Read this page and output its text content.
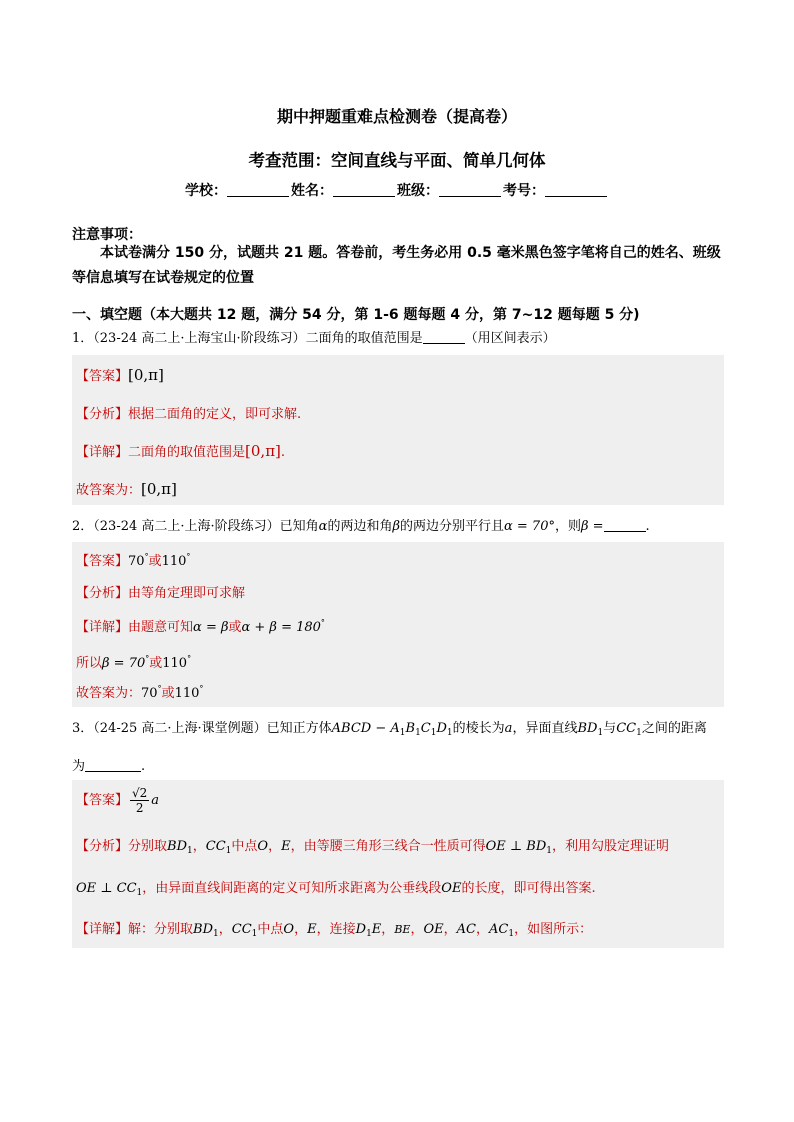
期中押题重难点检测卷（提高卷）
考查范围：空间直线与平面、简单几何体
学校：	姓名：	班级：	考号：
注意事项：
本试卷满分 150 分，试题共 21 题。答卷前，考生务必用 0.5 毫米黑色签字笔将自己的姓名、班级等信息填写在试卷规定的位置
一、填空题（本大题共 12 题，满分 54 分，第 1-6 题每题 4 分，第 7~12 题每题 5 分)
1．（23-24 高二上·上海宝山·阶段练习）二面角的取值范围是	（用区间表示）
【答案】[0,π]
【分析】根据二面角的定义，即可求解.
【详解】二面角的取值范围是[0,π].
故答案为：[0,π]
2．（23-24 高二上·上海·阶段练习）已知角α的两边和角β的两边分别平行且α = 70°，则β =	.
【答案】70°或110°
【分析】由等角定理即可求解
【详解】由题意可知α = β或α + β = 180°
所以β = 70°或110°
故答案为：70°或110°
3．（24-25 高二·上海·课堂例题）已知正方体ABCD − $A_1B_1C_1D_1$的棱长为a，异面直线$BD_1$与$CC_1$之间的距离
为	.
【答案】 $\frac{√2}{2}$ a
【分析】分别取$BD_1$，$CC_1$中点O，E，由等腰三角形三线合一性质可得OE ⊥ $BD_1$，利用勾股定理证明
OE ⊥ $CC_1$，由异面直线间距离的定义可知所求距离为公垂线段OE的长度，即可得出答案.
【详解】解：分别取$BD_1$，$CC_1$中点O，E，连接$D_1E$，BE，OE，AC，$AC_1$，如图所示：
